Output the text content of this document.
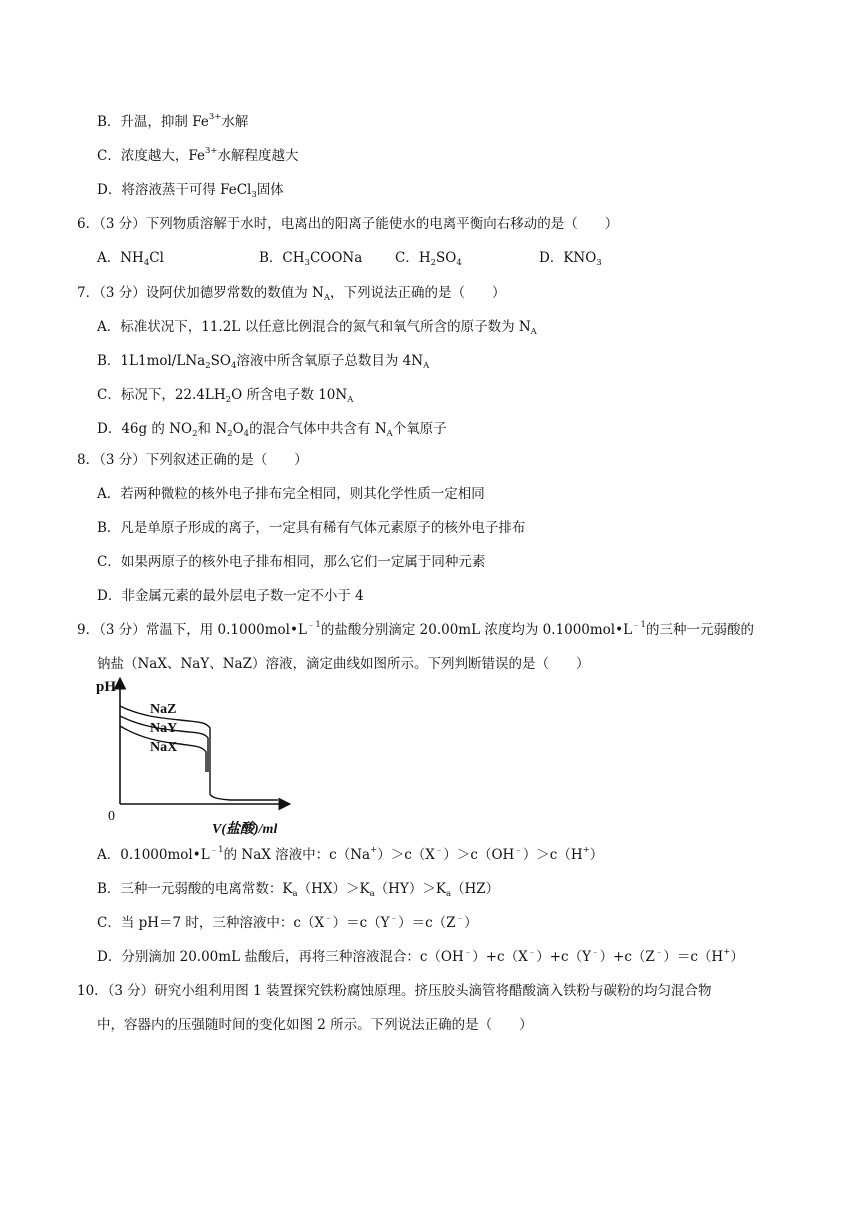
B．升温，抑制 $Fe^{3+}$水解
C．浓度越大，$Fe^{3+}$水解程度越大
D．将溶液蒸干可得 FeCl$_3$固体
6．（3 分）下列物质溶解于水时，电离出的阳离子能使水的电离平衡向右移动的是（　　）
A．$NH_4Cl$	B．$CH_3COONa$ C．$H_2SO_4$	D．$KNO_3$
7．（3 分）设阿伏加德罗常数的数值为 $N_A$，下列说法正确的是（　　）
A．标准状况下，11.2L 以任意比例混合的氮气和氧气所含的原子数为 $N_A$
B．$1L1mol/LNa_2SO_4$溶液中所含氧原子总数目为 $4N_A$
C．标况下，$22.4LH_2O$ 所含电子数 $10N_A$
D．46g 的 $NO_2$和 $N_2O_4$的混合气体中共含有 $N_A$个氧原子
8．（3 分）下列叙述正确的是（　　）
A．若两种微粒的核外电子排布完全相同，则其化学性质一定相同
B．凡是单原子形成的离子，一定具有稀有气体元素原子的核外电子排布
C．如果两原子的核外电子排布相同，那么它们一定属于同种元素
D．非金属元素的最外层电子数一定不小于 4
9．（3 分）常温下，用 $0.1000mol•L^{﹣1}$的盐酸分别滴定 20.00mL 浓度均为 $0.1000mol•L^{﹣1}$的三种一元弱酸的
钠盐（NaX、NaY、NaZ）溶液，滴定曲线如图所示。下列判断错误的是（　　）
pH
0
V(盐酸)/ml
NaZ
NaY
NaX
A．$0.1000mol•L^{﹣1}$的 NaX 溶液中：c（Na+）＞c（X﹣）＞c（OH﹣）＞c（H+）
B．三种一元弱酸的电离常数：$K_a(HX)>K_a(HY)>K_a(HZ)$
C．当 pH＝7 时，三种溶液中：c（X﹣）＝c（Y﹣）＝c（Z﹣）
D．分别滴加 20.00mL 盐酸后，再将三种溶液混合：c（OH﹣）+c（X﹣）+c（Y﹣）+c（Z﹣）＝c（H+）
10．（3 分）研究小组利用图 1 装置探究铁粉腐蚀原理。挤压胶头滴管将醋酸滴入铁粉与碳粉的均匀混合物
中，容器内的压强随时间的变化如图 2 所示。下列说法正确的是（　　）
